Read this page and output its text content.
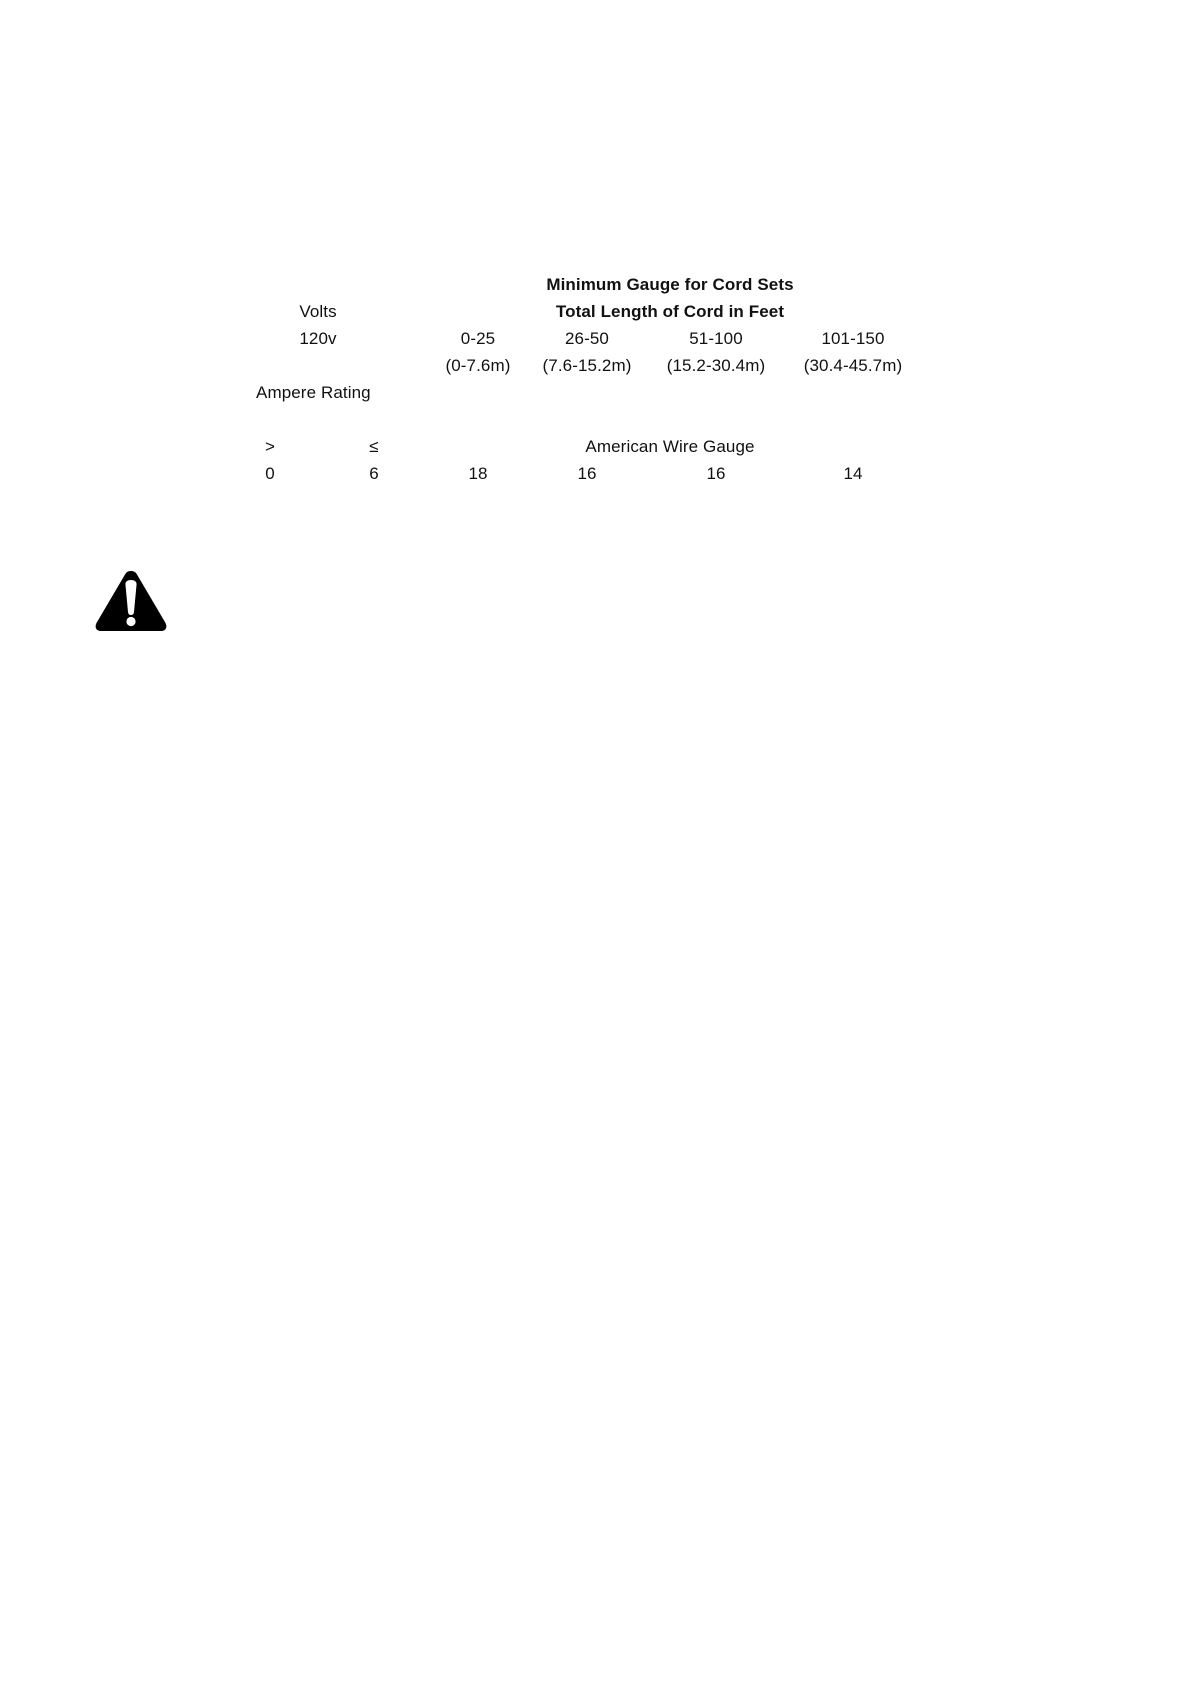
Minimum Gauge for Cord Sets
Volts	Total Length of Cord in Feet
120v	0-25	26-50	51-100	101-150
(0-7.6m) (7.6-15.2m) (15.2-30.4m) (30.4-45.7m)
Ampere Rating
>	≤	American Wire Gauge
0	6	18	16	16	14
